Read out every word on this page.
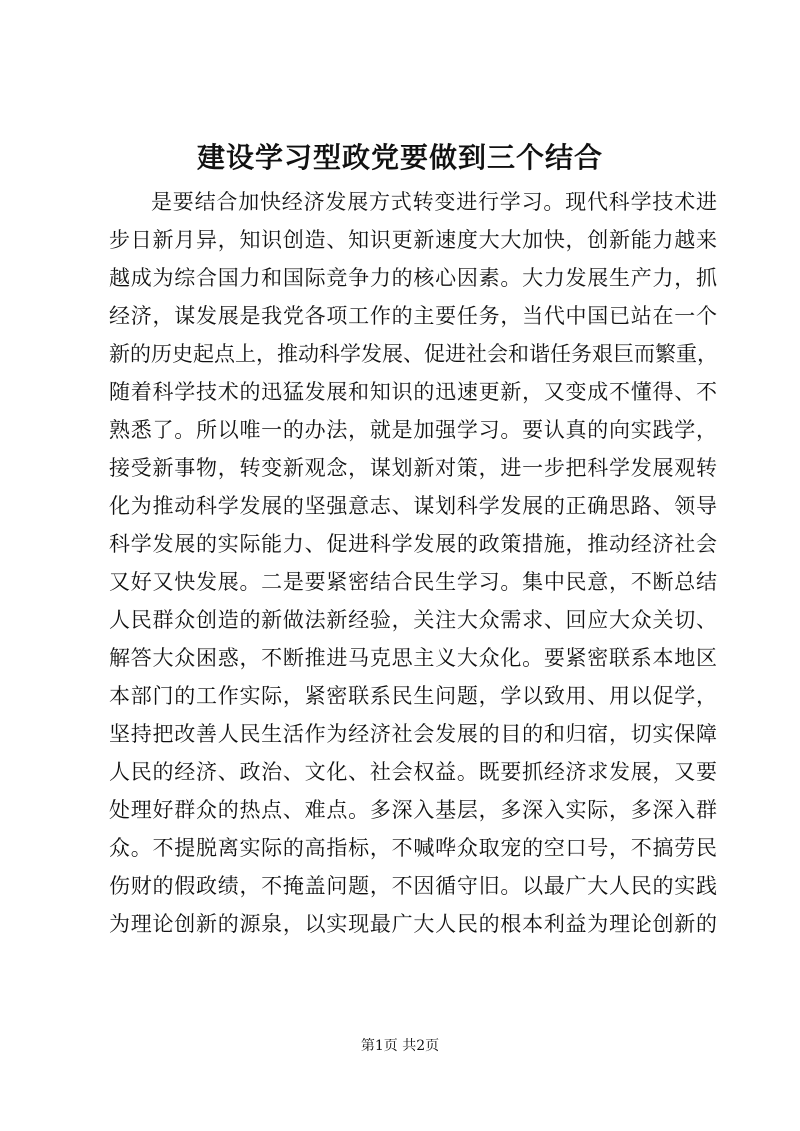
建设学习型政党要做到三个结合
是要结合加快经济发展方式转变进行学习。现代科学技术进
步日新月异，知识创造、知识更新速度大大加快，创新能力越来
越成为综合国力和国际竞争力的核心因素。大力发展生产力，抓
经济，谋发展是我党各项工作的主要任务，当代中国已站在一个
新的历史起点上，推动科学发展、促进社会和谐任务艰巨而繁重，
随着科学技术的迅猛发展和知识的迅速更新，又变成不懂得、不
熟悉了。所以唯一的办法，就是加强学习。要认真的向实践学，
接受新事物，转变新观念，谋划新对策，进一步把科学发展观转
化为推动科学发展的坚强意志、谋划科学发展的正确思路、领导
科学发展的实际能力、促进科学发展的政策措施，推动经济社会
又好又快发展。二是要紧密结合民生学习。集中民意，不断总结
人民群众创造的新做法新经验，关注大众需求、回应大众关切、
解答大众困惑，不断推进马克思主义大众化。要紧密联系本地区
本部门的工作实际，紧密联系民生问题，学以致用、用以促学，
坚持把改善人民生活作为经济社会发展的目的和归宿，切实保障
人民的经济、政治、文化、社会权益。既要抓经济求发展，又要
处理好群众的热点、难点。多深入基层，多深入实际，多深入群
众。不提脱离实际的高指标，不喊哗众取宠的空口号，不搞劳民
伤财的假政绩，不掩盖问题，不因循守旧。以最广大人民的实践
为理论创新的源泉，以实现最广大人民的根本利益为理论创新的
第1页 共2页
